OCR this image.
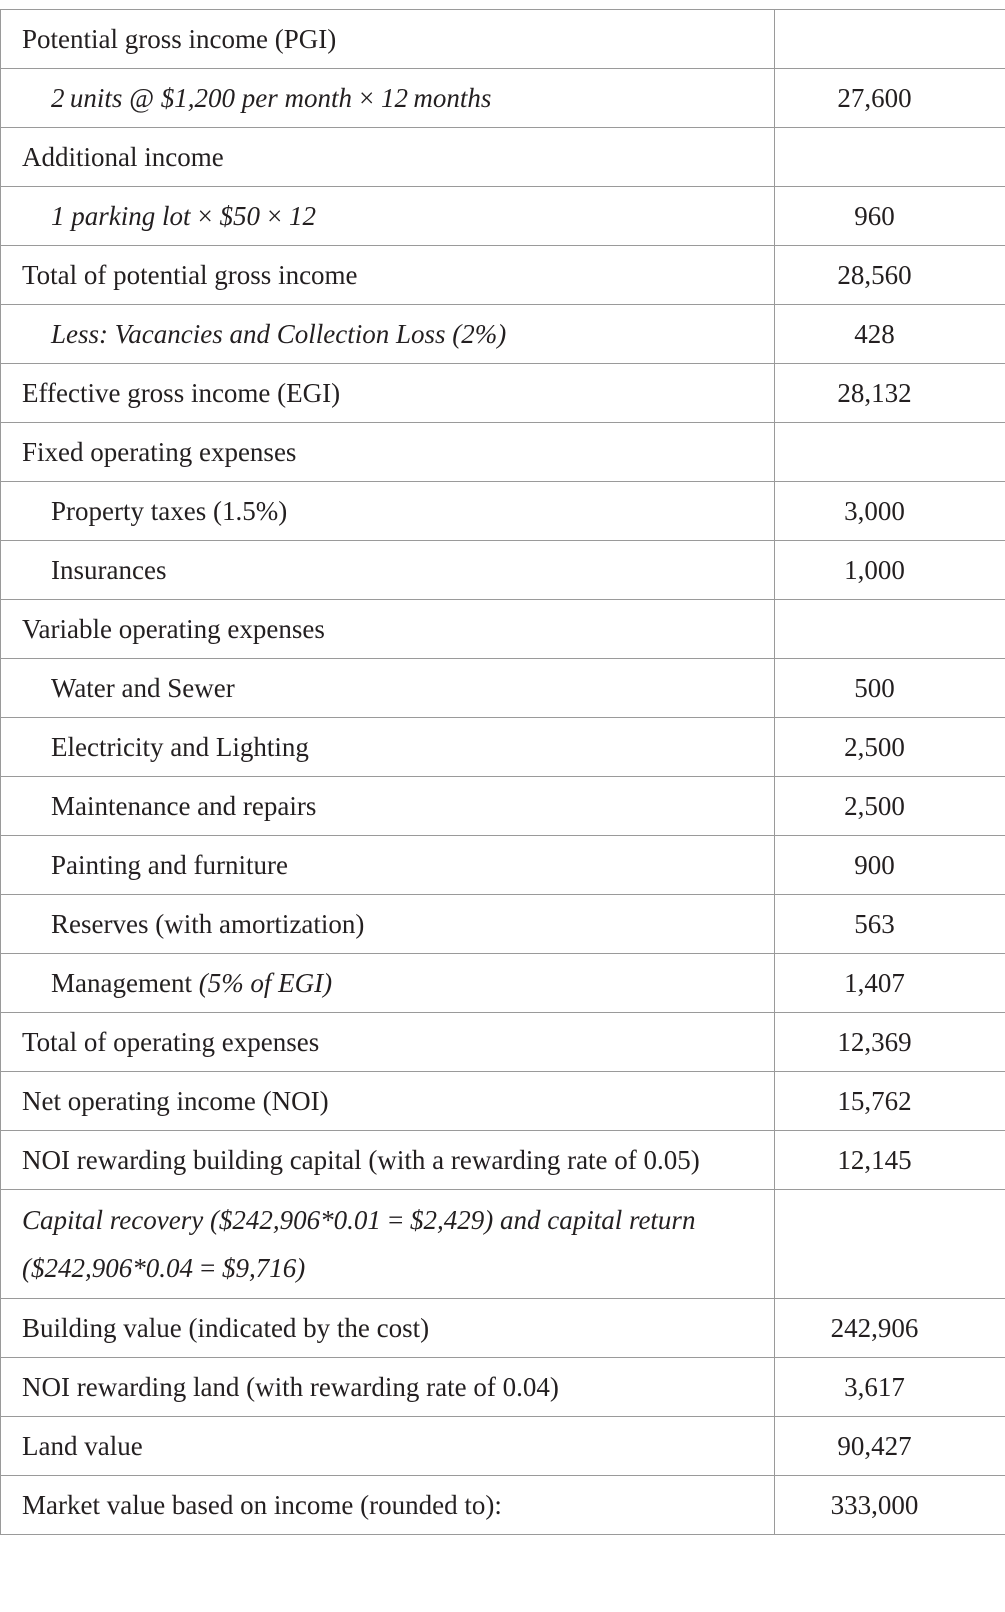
Potential gross income (PGI)	
2 units @ $1,200 per month × 12 months	27,600
Additional income	
1 parking lot × $50 × 12	960
Total of potential gross income	28,560
Less: Vacancies and Collection Loss (2%)	428
Effective gross income (EGI)	28,132
Fixed operating expenses	
Property taxes (1.5%)	3,000
Insurances	1,000
Variable operating expenses	
Water and Sewer	500
Electricity and Lighting	2,500
Maintenance and repairs	2,500
Painting and furniture	900
Reserves (with amortization)	563
Management (5% of EGI)	1,407
Total of operating expenses	12,369
Net operating income (NOI)	15,762
NOI rewarding building capital (with a rewarding rate of 0.05)	12,145
Capital recovery ($242,906*0.01 = $2,429) and capital return ($242,906*0.04 = $9,716)	
Building value (indicated by the cost)	242,906
NOI rewarding land (with rewarding rate of 0.04)	3,617
Land value	90,427
Market value based on income (rounded to):	333,000
